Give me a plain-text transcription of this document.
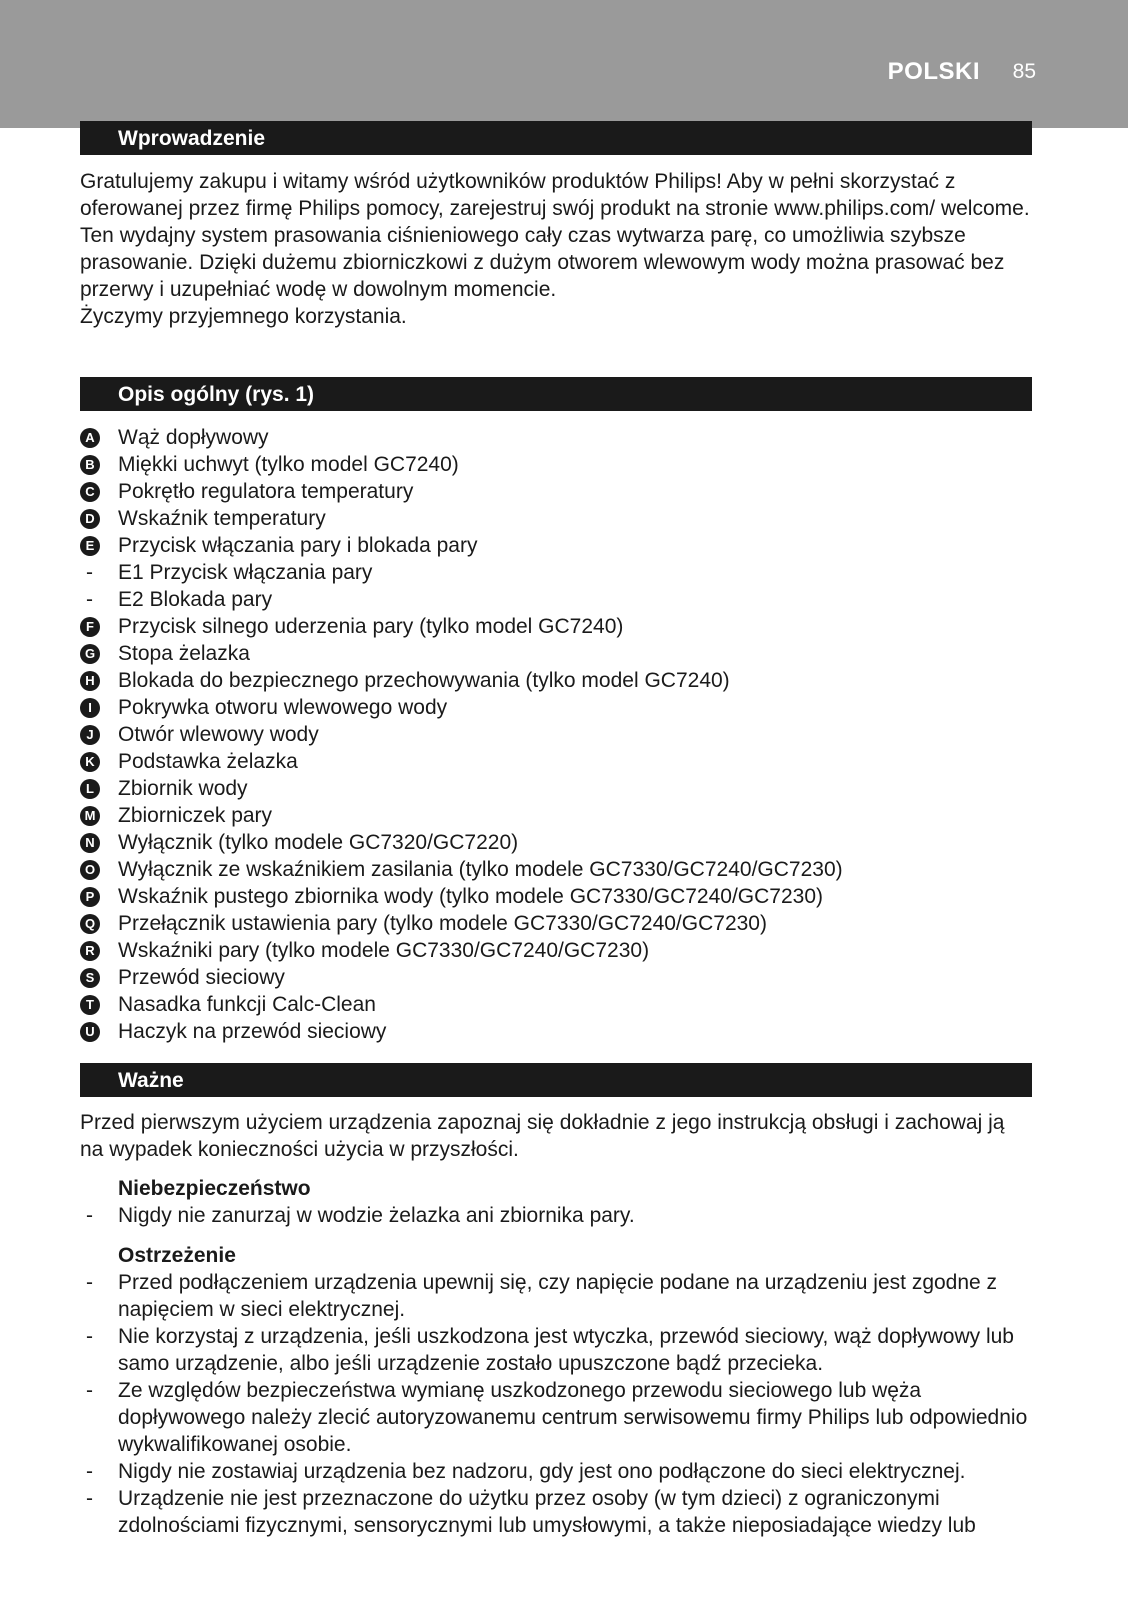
POLSKI 85
Wprowadzenie

Gratulujemy zakupu i witamy wśród użytkowników produktów Philips! Aby w pełni skorzystać z oferowanej przez firmę Philips pomocy, zarejestruj swój produkt na stronie www.philips.com/ welcome.
Ten wydajny system prasowania ciśnieniowego cały czas wytwarza parę, co umożliwia szybsze prasowanie. Dzięki dużemu zbiorniczkowi z dużym otworem wlewowym wody można prasować bez przerwy i uzupełniać wodę w dowolnym momencie.
Życzymy przyjemnego korzystania.

Opis ogólny (rys. 1)
A Wąż dopływowy
B Miękki uchwyt (tylko model GC7240)
C Pokrętło regulatora temperatury
D Wskaźnik temperatury
E Przycisk włączania pary i blokada pary
- E1 Przycisk włączania pary
- E2 Blokada pary
F Przycisk silnego uderzenia pary (tylko model GC7240)
G Stopa żelazka
H Blokada do bezpiecznego przechowywania (tylko model GC7240)
I	Pokrywka otworu wlewowego wody
J	Otwór wlewowy wody
K Podstawka żelazka
L Zbiornik wody
M Zbiorniczek pary
N Wyłącznik (tylko modele GC7320/GC7220)
O Wyłącznik ze wskaźnikiem zasilania (tylko modele GC7330/GC7240/GC7230)
P Wskaźnik pustego zbiornika wody (tylko modele GC7330/GC7240/GC7230)
Q Przełącznik ustawienia pary (tylko modele GC7330/GC7240/GC7230)
R Wskaźniki pary (tylko modele GC7330/GC7240/GC7230)
S Przewód sieciowy
T Nasadka funkcji Calc-Clean
U Haczyk na przewód sieciowy
Ważne

Przed pierwszym użyciem urządzenia zapoznaj się dokładnie z jego instrukcją obsługi i zachowaj ją na wypadek konieczności użycia w przyszłości.

Niebezpieczeństwo
- Nigdy nie zanurzaj w wodzie żelazka ani zbiornika pary.
Ostrzeżenie
- Przed podłączeniem urządzenia upewnij się, czy napięcie podane na urządzeniu jest zgodne z napięciem w sieci elektrycznej.
- Nie korzystaj z urządzenia, jeśli uszkodzona jest wtyczka, przewód sieciowy, wąż dopływowy lub samo urządzenie, albo jeśli urządzenie zostało upuszczone bądź przecieka.
- Ze względów bezpieczeństwa wymianę uszkodzonego przewodu sieciowego lub węża dopływowego należy zlecić autoryzowanemu centrum serwisowemu firmy Philips lub odpowiednio wykwalifikowanej osobie.
- Nigdy nie zostawiaj urządzenia bez nadzoru, gdy jest ono podłączone do sieci elektrycznej.
- Urządzenie nie jest przeznaczone do użytku przez osoby (w tym dzieci) z ograniczonymi zdolnościami fizycznymi, sensorycznymi lub umysłowymi, a także nieposiadające wiedzy lub
